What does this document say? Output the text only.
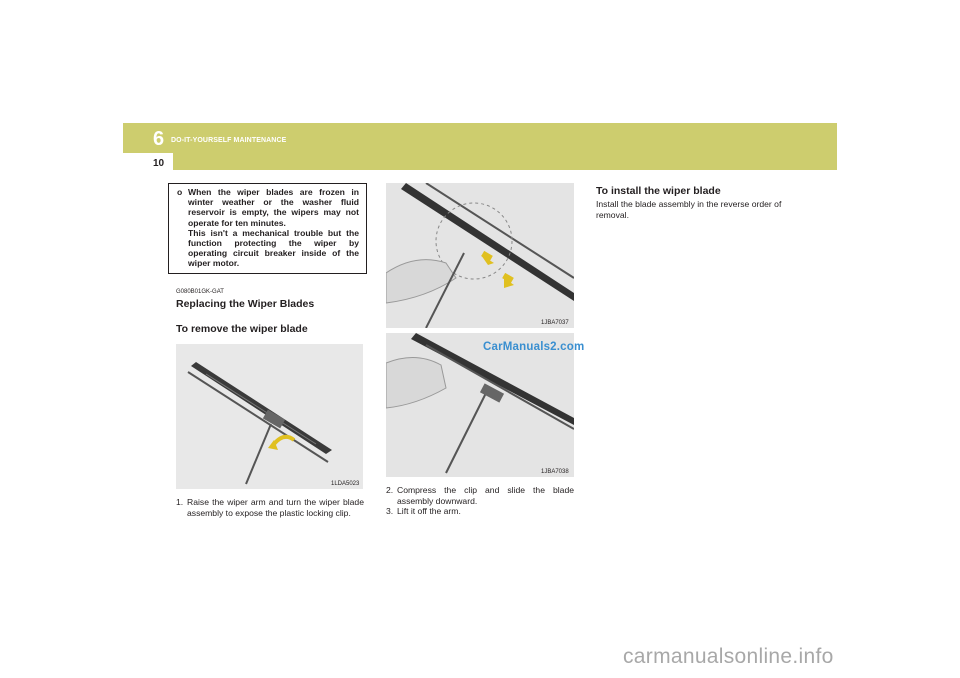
6 DO-IT-YOURSELF MAINTENANCE
10
o When the wiper blades are frozen in winter weather or the washer fluid reservoir is empty, the wipers may not operate for ten minutes.

This isn't a mechanical trouble but the function protecting the wiper by operating circuit breaker inside of the wiper motor.

G080B01GK-GAT
Replacing the Wiper Blades
To remove the wiper blade
1LDA5023
1. Raise the wiper arm and turn the wiper blade assembly to expose the plastic locking clip.
1JBA7037
1JBA7038
CarManuals2.com
2. Compress the clip and slide the blade assembly downward.
3. Lift it off the arm.
To install the wiper blade
Install the blade assembly in the reverse order of removal.
carmanualsonline.info
